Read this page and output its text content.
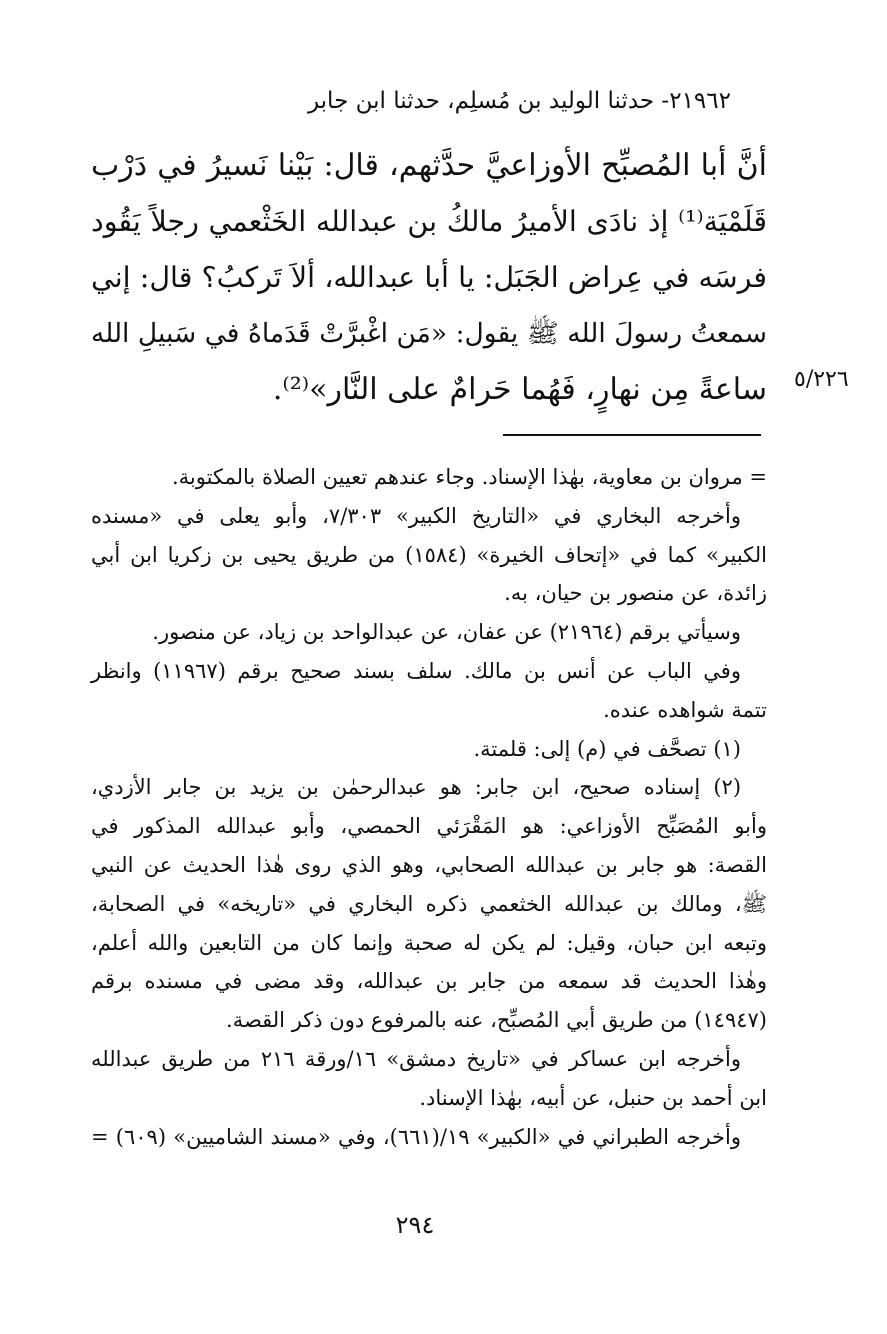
٢١٩٦٢- حدثنا الوليد بن مُسلِم، حدثنا ابن جابر
أنَّ أبا المُصبِّح الأوزاعيَّ حدَّثهم، قال: بَيْنا نَسيرُ في دَرْب
قَلَمْيَة⁽¹⁾ إذ نادَى الأميرُ مالكُ بن عبدالله الخَثْعمي رجلاً يَقُود
فرسَه في عِراض الجَبَل: يا أبا عبدالله، ألاَ تَركبُ؟ قال: إني
سمعتُ رسولَ الله ﷺ يقول: «مَن اغْبرَّتْ قَدَماهُ في سَبيلِ الله
ساعةً مِن نهارٍ، فَهُما حَرامٌ على النَّار»⁽²⁾. ٥/٢٢٦
= مروان بن معاوية، بهٰذا الإسناد. وجاء عندهم تعيين الصلاة بالمكتوبة.
وأخرجه البخاري في «التاريخ الكبير» ٧/٣٠٣، وأبو يعلى في «مسنده
الكبير» كما في «إتحاف الخيرة» (١٥٨٤) من طريق يحيى بن زكريا ابن أبي
زائدة، عن منصور بن حيان، به.
وسيأتي برقم (٢١٩٦٤) عن عفان، عن عبدالواحد بن زياد، عن منصور.
وفي الباب عن أنس بن مالك. سلف بسند صحيح برقم (١١٩٦٧) وانظر
تتمة شواهده عنده.
(١) تصحَّف في (م) إلى: قلمتة.
(٢) إسناده صحيح، ابن جابر: هو عبدالرحمٰن بن يزيد بن جابر الأزدي،
وأبو المُصَبِّح الأوزاعي: هو المَقْرَئي الحمصي، وأبو عبدالله المذكور في
القصة: هو جابر بن عبدالله الصحابي، وهو الذي روى هٰذا الحديث عن النبي
ﷺ، ومالك بن عبدالله الخثعمي ذكره البخاري في «تاريخه» في الصحابة،
وتبعه ابن حبان، وقيل: لم يكن له صحبة وإنما كان من التابعين والله أعلم،
وهٰذا الحديث قد سمعه من جابر بن عبدالله، وقد مضى في مسنده برقم
(١٤٩٤٧) من طريق أبي المُصبِّح، عنه بالمرفوع دون ذكر القصة.
وأخرجه ابن عساكر في «تاريخ دمشق» ١٦/ورقة ٢١٦ من طريق عبدالله
ابن أحمد بن حنبل، عن أبيه، بهٰذا الإسناد.
وأخرجه الطبراني في «الكبير» ١٩/(٦٦١)، وفي «مسند الشاميين» (٦٠٩) =
٢٩٤
